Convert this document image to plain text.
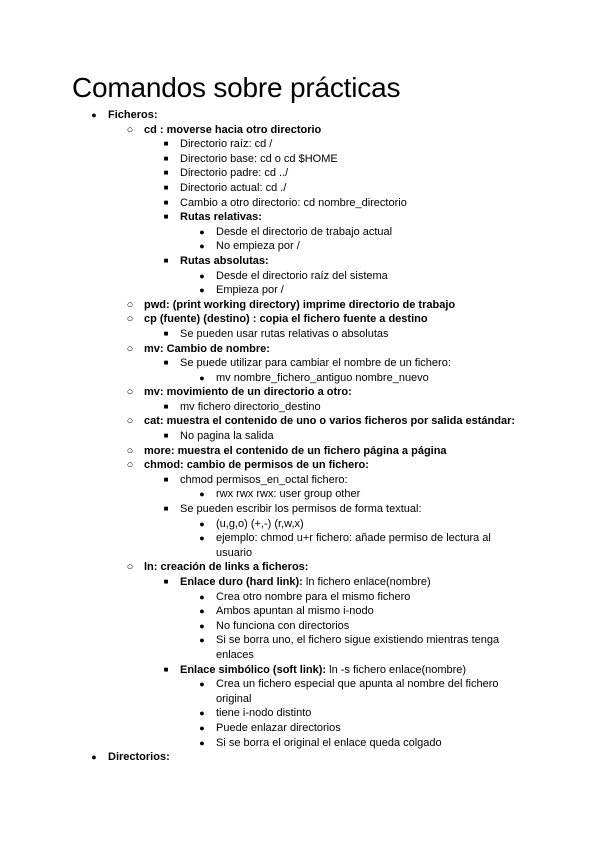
Comandos sobre prácticas
● Ficheros:
○ cd : moverse hacia otro directorio
■ Directorio raíz: cd /
■ Directorio base: cd o cd $HOME
■ Directorio padre: cd ../
■ Directorio actual: cd ./
■ Cambio a otro directorio: cd nombre_directorio
■ Rutas relativas:
● Desde el directorio de trabajo actual
● No empieza por /
■ Rutas absolutas:
● Desde el directorio raíz del sistema
● Empieza por /
○ pwd: (print working directory) imprime directorio de trabajo
○ cp (fuente) (destino) : copia el fichero fuente a destino
■ Se pueden usar rutas relativas o absolutas
○ mv: Cambio de nombre:
■ Se puede utilizar para cambiar el nombre de un fichero:
● mv nombre_fichero_antiguo nombre_nuevo
○ mv: movimiento de un directorio a otro:
■ mv fichero directorio_destino
○ cat: muestra el contenido de uno o varios ficheros por salida estándar:
■ No pagina la salida
○ more: muestra el contenido de un fichero página a página
○ chmod: cambio de permisos de un fichero:
■ chmod permisos_en_octal fichero:
● rwx rwx rwx: user group other
■ Se pueden escribir los permisos de forma textual:
● (u,g,o) (+,-) (r,w,x)
● ejemplo: chmod u+r fichero: añade permiso de lectura al usuario
○ ln: creación de links a ficheros:
■ Enlace duro (hard link): ln fichero enlace(nombre)
● Crea otro nombre para el mismo fichero
● Ambos apuntan al mismo i-nodo
● No funciona con directorios
● Si se borra uno, el fichero sigue existiendo mientras tenga enlaces
■ Enlace simbólico (soft link): ln -s fichero enlace(nombre)
● Crea un fichero especial que apunta al nombre del fichero original
● tiene i-nodo distinto
● Puede enlazar directorios
● Si se borra el original el enlace queda colgado
● Directorios:
